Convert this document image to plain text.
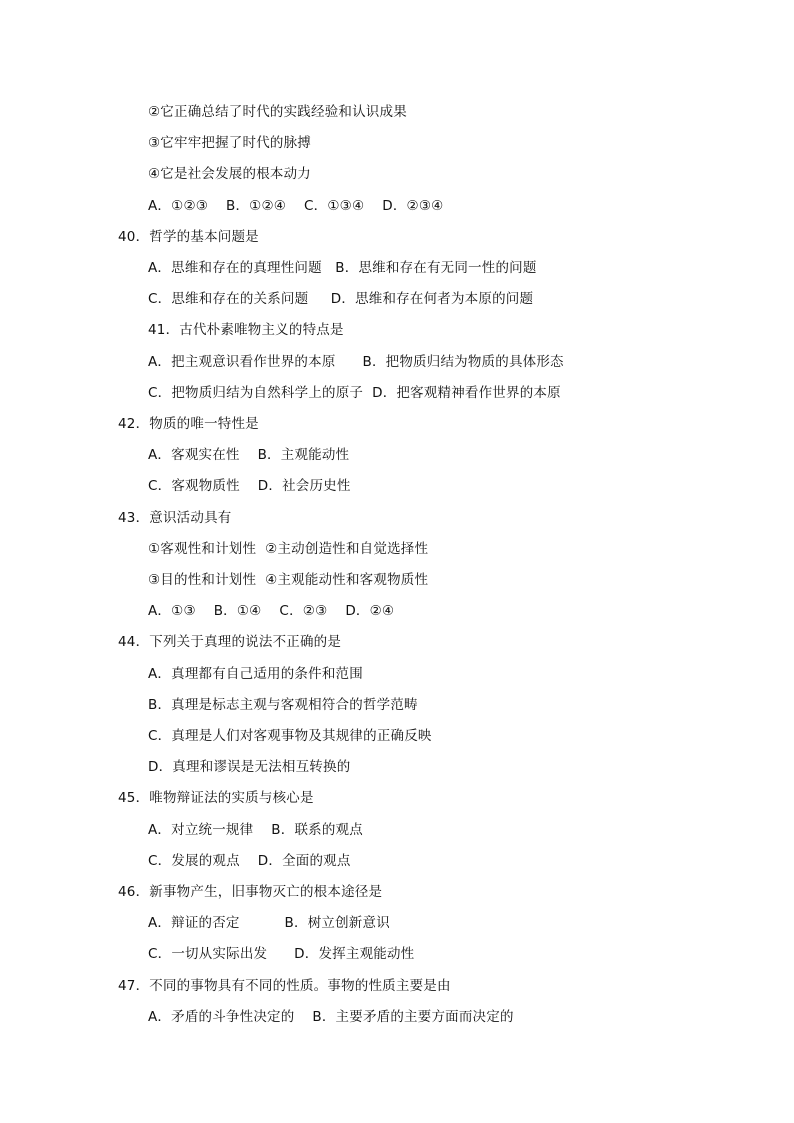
②它正确总结了时代的实践经验和认识成果
③它牢牢把握了时代的脉搏
④它是社会发展的根本动力
A．①②③    B．①②④    C．①③④    D．②③④
40．哲学的基本问题是
A．思维和存在的真理性问题   B．思维和存在有无同一性的问题
C．思维和存在的关系问题     D．思维和存在何者为本原的问题
41．古代朴素唯物主义的特点是
A．把主观意识看作世界的本原      B．把物质归结为物质的具体形态
C．把物质归结为自然科学上的原子  D．把客观精神看作世界的本原
42．物质的唯一特性是
A．客观实在性    B．主观能动性
C．客观物质性    D．社会历史性
43．意识活动具有
①客观性和计划性  ②主动创造性和自觉选择性
③目的性和计划性  ④主观能动性和客观物质性
A．①③    B．①④    C．②③    D．②④
44．下列关于真理的说法不正确的是
A．真理都有自己适用的条件和范围
B．真理是标志主观与客观相符合的哲学范畴
C．真理是人们对客观事物及其规律的正确反映
D．真理和谬误是无法相互转换的
45．唯物辩证法的实质与核心是
A．对立统一规律    B．联系的观点
C．发展的观点    D．全面的观点
46．新事物产生，旧事物灭亡的根本途径是
A．辩证的否定          B．树立创新意识
C．一切从实际出发      D．发挥主观能动性
47．不同的事物具有不同的性质。事物的性质主要是由
A．矛盾的斗争性决定的    B．主要矛盾的主要方面而决定的
